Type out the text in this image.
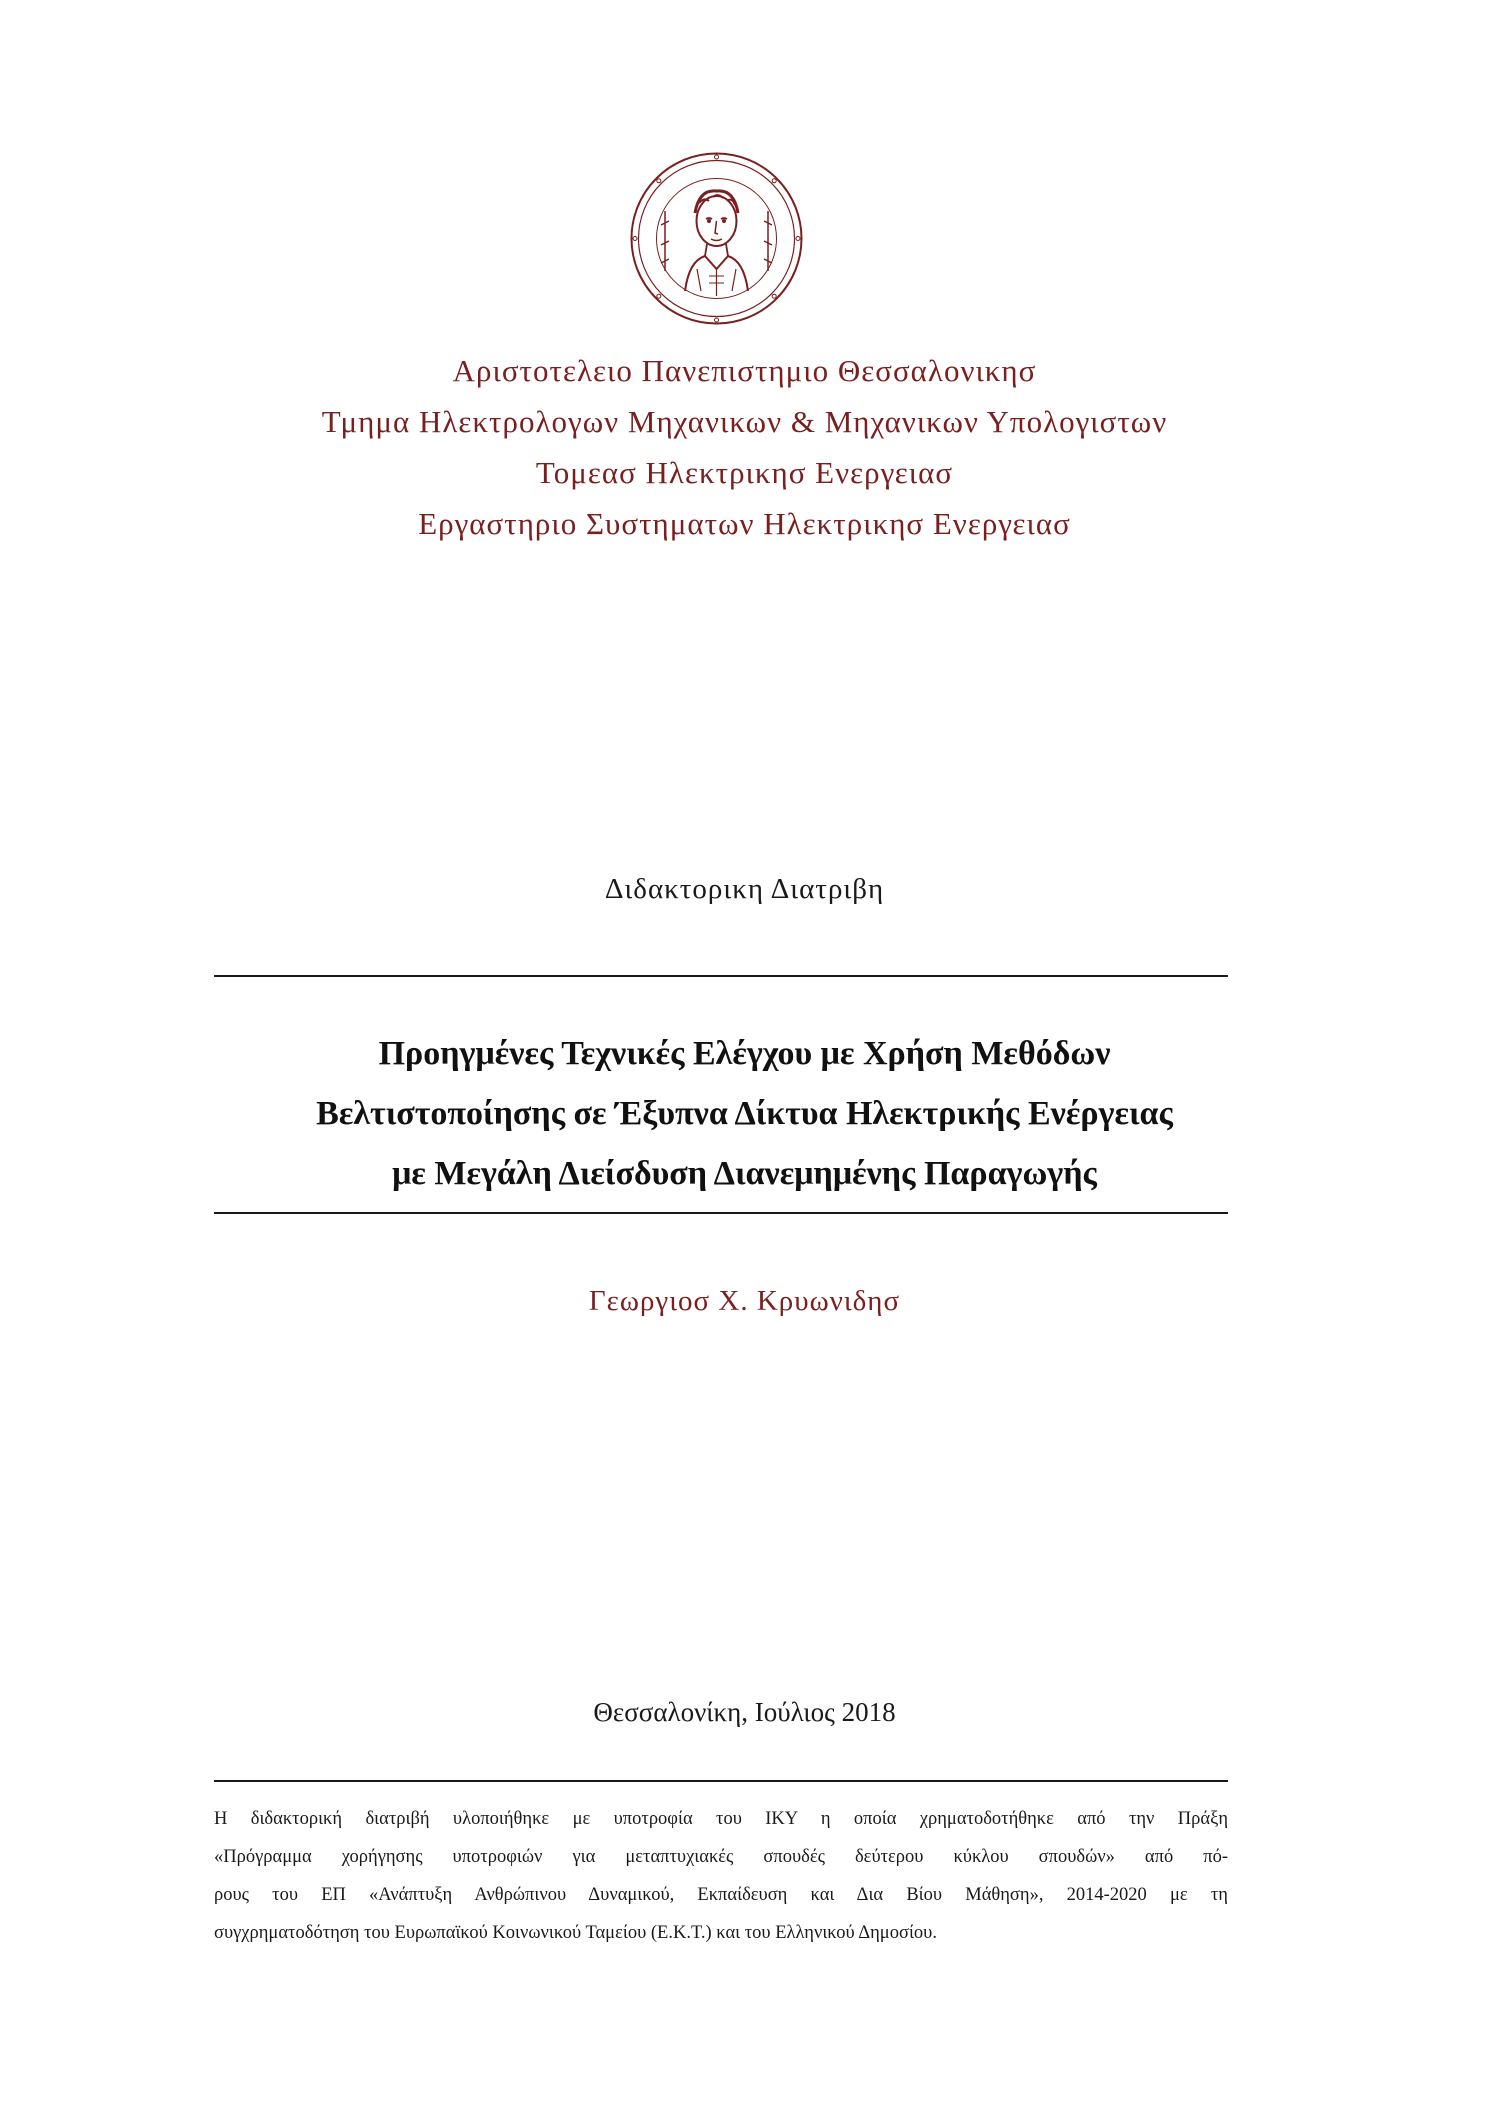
Αριστοτελειο Πανεπιστημιο Θεσσαλονικησ
Τμημα Ηλεκτρολογων Μηχανικων & Μηχανικων Υπολογιστων
Τομεασ Ηλεκτρικησ Ενεργειασ
Εργαστηριο Συστηματων Ηλεκτρικησ Ενεργειασ
Διδακτορικη Διατριβη
Προηγμένες Τεχνικές Ελέγχου με Χρήση Μεθόδων
Βελτιστοποίησης σε Έξυπνα Δίκτυα Ηλεκτρικής Ενέργειας
με Μεγάλη Διείσδυση Διανεμημένης Παραγωγής
Γεωργιοσ Χ. Κρυωνιδησ
Θεσσαλονίκη, Ιούλιος 2018
Η διδακτορική διατριβή υλοποιήθηκε με υποτροφία του ΙΚΥ η οποία χρηματοδοτήθηκε από την Πράξη
«Πρόγραμμα χορήγησης υποτροφιών για μεταπτυχιακές σπουδές δεύτερου κύκλου σπουδών» από πό-
ρους του ΕΠ «Ανάπτυξη Ανθρώπινου Δυναμικού, Εκπαίδευση και Δια Βίου Μάθηση», 2014-2020 με τη
συγχρηματοδότηση του Ευρωπαϊκού Κοινωνικού Ταμείου (Ε.Κ.Τ.) και του Ελληνικού Δημοσίου.
